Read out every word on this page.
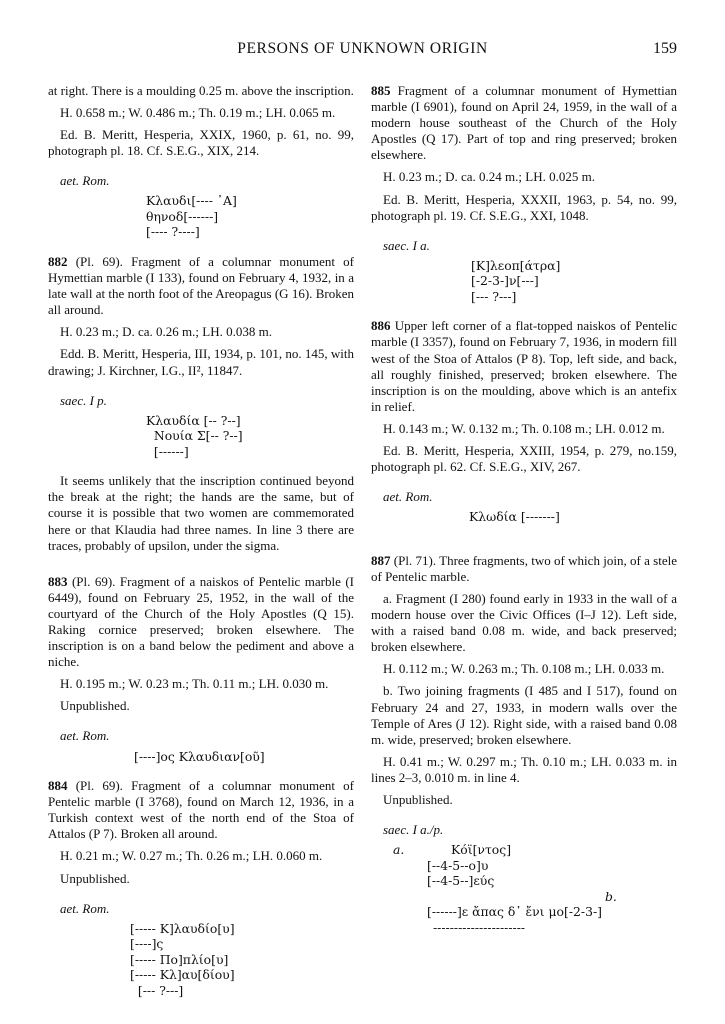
PERSONS OF UNKNOWN ORIGIN	159

at right. There is a moulding 0.25 m. above the inscription.

H. 0.658 m.; W. 0.486 m.; Th. 0.19 m.; LH. 0.065 m.

Ed. B. Meritt, Hesperia, XXIX, 1960, p. 61, no. 99, photograph pl. 18. Cf. S.E.G., XIX, 214.

aet. Rom.
Κλαυδι[---- ᾽Α]
θηνοδ[------]
[---- ?----]

882 (Pl. 69). Fragment of a columnar monument of Hymettian marble (I 133), found on February 4, 1932, in a late wall at the north foot of the Areopagus (G 16). Broken all around.

H. 0.23 m.; D. ca. 0.26 m.; LH. 0.038 m.

Edd. B. Meritt, Hesperia, III, 1934, p. 101, no. 145, with drawing; J. Kirchner, I.G., II², 11847.

saec. I p.
Κλαυδία [-- ?--]
Νουία Σ[-- ?--]
[------]

It seems unlikely that the inscription continued beyond the break at the right; the hands are the same, but of course it is possible that two women are commemorated here or that Klaudia had three names. In line 3 there are traces, probably of upsilon, under the sigma.

883 (Pl. 69). Fragment of a naiskos of Pentelic marble (I 6449), found on February 25, 1952, in the wall of the courtyard of the Church of the Holy Apostles (Q 15). Raking cornice preserved; broken elsewhere. The inscription is on a band below the pediment and above a niche.

H. 0.195 m.; W. 0.23 m.; Th. 0.11 m.; LH. 0.030 m.

Unpublished.

aet. Rom.
[----]ος Κλαυδιαν[οῦ]

884 (Pl. 69). Fragment of a columnar monument of Pentelic marble (I 3768), found on March 12, 1936, in a Turkish context west of the north end of the Stoa of Attalos (P 7). Broken all around.

H. 0.21 m.; W. 0.27 m.; Th. 0.26 m.; LH. 0.060 m.

Unpublished.

aet. Rom.
[----- Κ]λαυδίο[υ]
[----]ς
[----- Πο]πλίο[υ]
[----- Κλ]αυ[δίου]
[--- ?---]

885 Fragment of a columnar monument of Hymettian marble (I 6901), found on April 24, 1959, in the wall of a modern house southeast of the Church of the Holy Apostles (Q 17). Part of top and ring preserved; broken elsewhere.

H. 0.23 m.; D. ca. 0.24 m.; LH. 0.025 m.

Ed. B. Meritt, Hesperia, XXXII, 1963, p. 54, no. 99, photograph pl. 19. Cf. S.E.G., XXI, 1048.

saec. I a.
[Κ]λεοπ[άτρα]
[-2-3-]ν[---]
[--- ?---]

886 Upper left corner of a flat-topped naiskos of Pentelic marble (I 3357), found on February 7, 1936, in modern fill west of the Stoa of Attalos (P 8). Top, left side, and back, all roughly finished, preserved; broken elsewhere. The inscription is on the moulding, above which is an antefix in relief.

H. 0.143 m.; W. 0.132 m.; Th. 0.108 m.; LH. 0.012 m.

Ed. B. Meritt, Hesperia, XXIII, 1954, p. 279, no.159, photograph pl. 62. Cf. S.E.G., XIV, 267.

aet. Rom.
Κλωδία [-------]

887 (Pl. 71). Three fragments, two of which join, of a stele of Pentelic marble.

a. Fragment (I 280) found early in 1933 in the wall of a modern house over the Civic Offices (I–J 12). Left side, with a raised band 0.08 m. wide, and back preserved; broken elsewhere.

H. 0.112 m.; W. 0.263 m.; Th. 0.108 m.; LH. 0.033 m.

b. Two joining fragments (I 485 and I 517), found on February 24 and 27, 1933, in modern walls over the Temple of Ares (J 12). Right side, with a raised band 0.08 m. wide, preserved; broken elsewhere.

H. 0.41 m.; W. 0.297 m.; Th. 0.10 m.; LH. 0.033 m. in lines 2–3, 0.010 m. in line 4.

Unpublished.

saec. I a./p.
a.	Κόϊ[ντος]
[--4-5--ο]υ
[--4-5--]εύς
b.
[------]ε ἄπας δ᾽ ἔνι μο[-2-3-]
----------------------
